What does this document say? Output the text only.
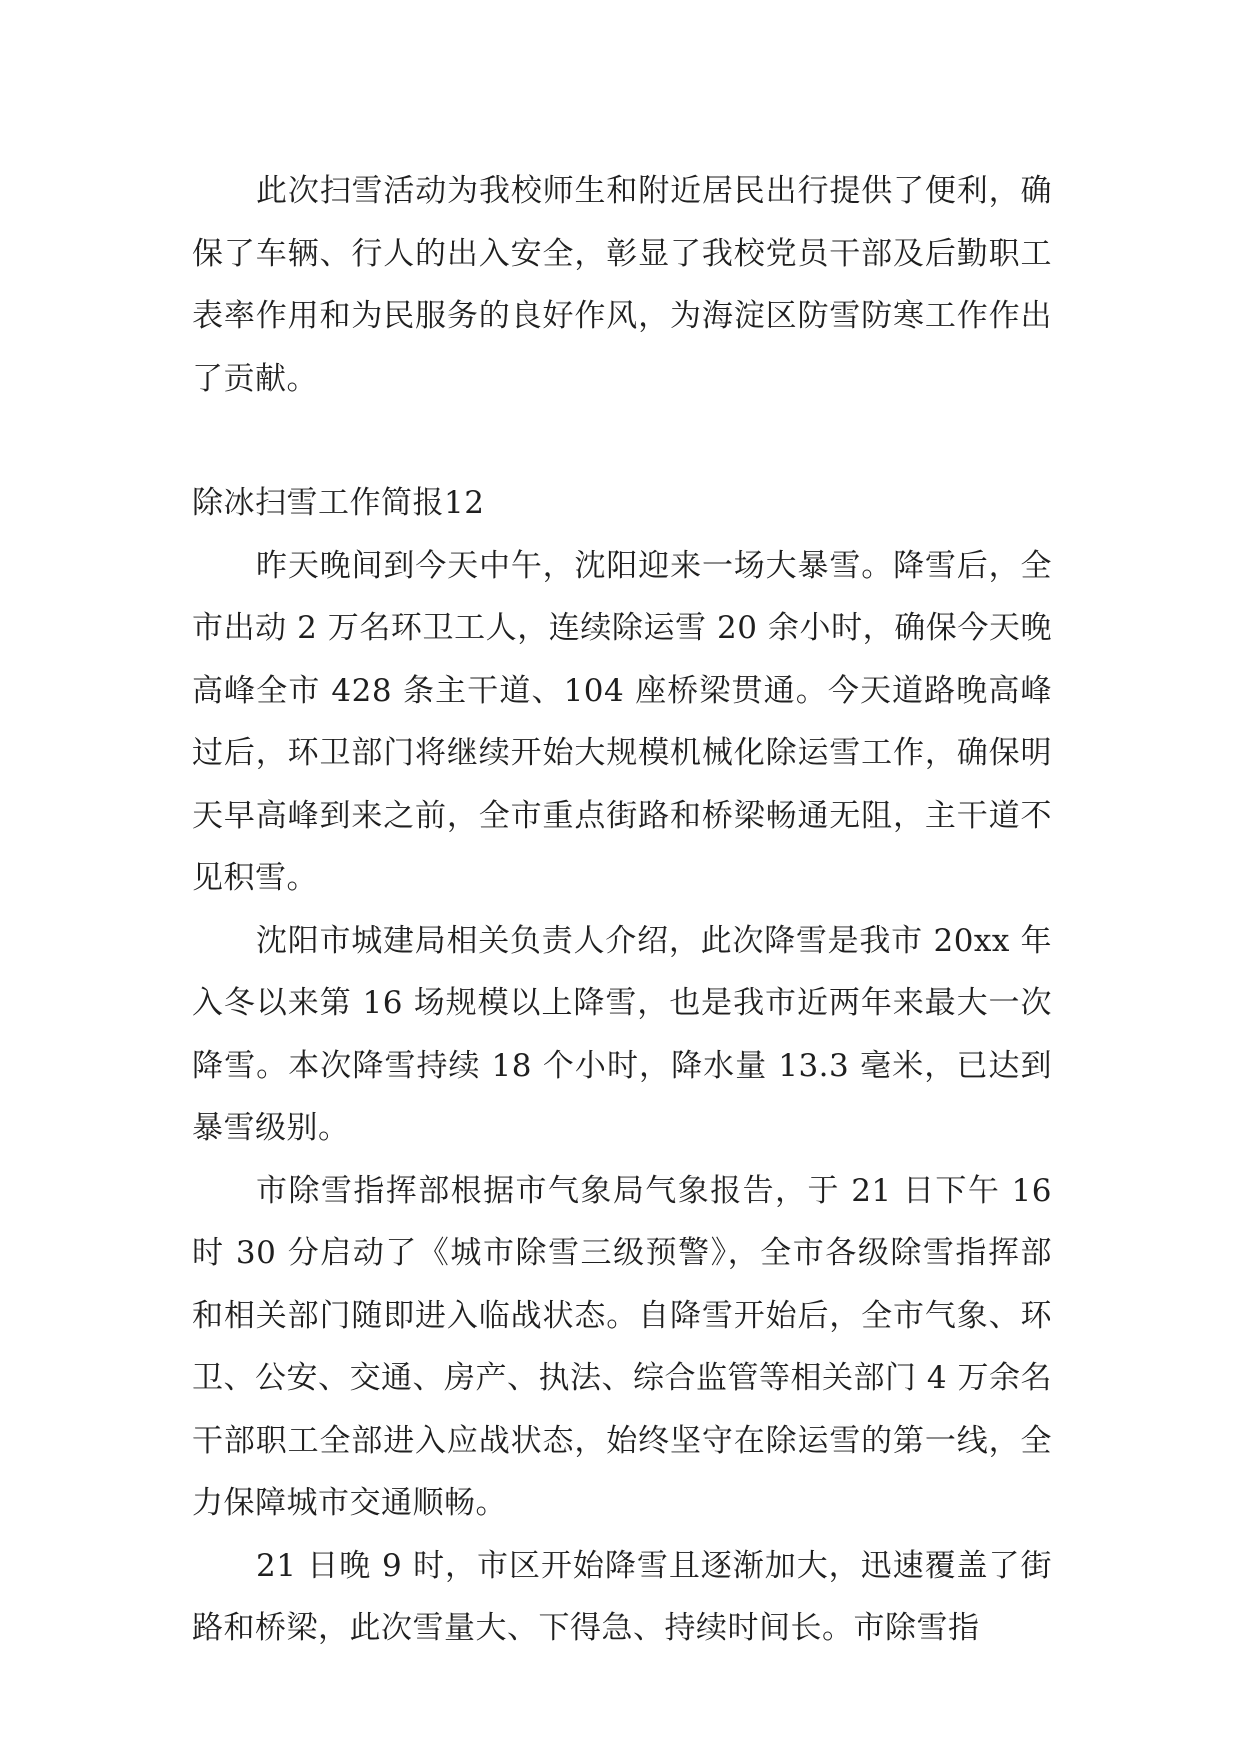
此次扫雪活动为我校师生和附近居民出行提供了便利，确保了车辆、行人的出入安全，彰显了我校党员干部及后勤职工表率作用和为民服务的良好作风，为海淀区防雪防寒工作作出了贡献。

除冰扫雪工作简报12

昨天晚间到今天中午，沈阳迎来一场大暴雪。降雪后，全市出动 2 万名环卫工人，连续除运雪 20 余小时，确保今天晚高峰全市 428 条主干道、104 座桥梁贯通。今天道路晚高峰过后，环卫部门将继续开始大规模机械化除运雪工作，确保明天早高峰到来之前，全市重点街路和桥梁畅通无阻，主干道不见积雪。

沈阳市城建局相关负责人介绍，此次降雪是我市 20xx 年入冬以来第 16 场规模以上降雪，也是我市近两年来最大一次降雪。本次降雪持续 18 个小时，降水量 13.3 毫米，已达到暴雪级别。

市除雪指挥部根据市气象局气象报告，于 21 日下午 16 时 30 分启动了《城市除雪三级预警》，全市各级除雪指挥部和相关部门随即进入临战状态。自降雪开始后，全市气象、环卫、公安、交通、房产、执法、综合监管等相关部门 4 万余名干部职工全部进入应战状态，始终坚守在除运雪的第一线，全力保障城市交通顺畅。

21 日晚 9 时，市区开始降雪且逐渐加大，迅速覆盖了街路和桥梁，此次雪量大、下得急、持续时间长。市除雪指
